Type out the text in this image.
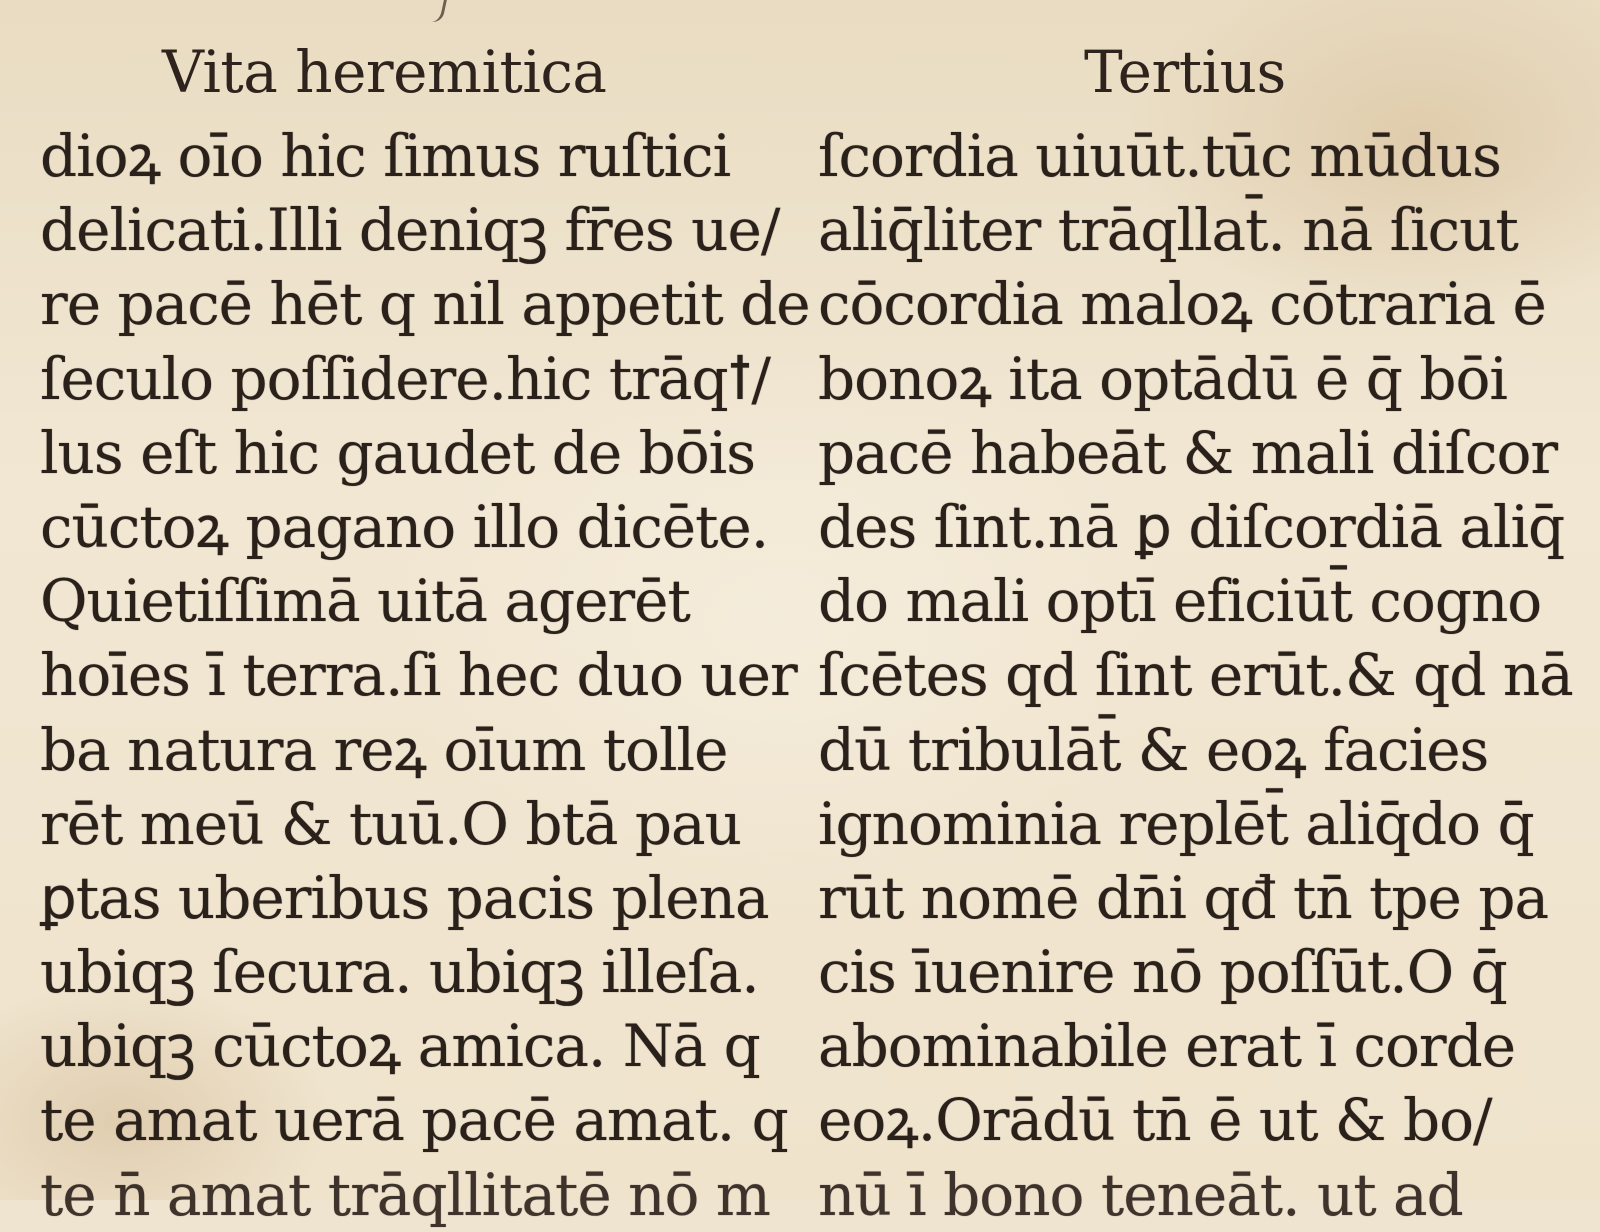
Vita heremitica
dioꝝ oīo hic ſimus ruſtici
delicati.Illi deniqꝫ fr̄es ue/
re pacē hēt q nil appetit de
ſeculo poſſidere.hic trāqꝉ/
lus eſt hic gaudet de bōis
cūctoꝝ pagano illo dicēte.
Quietiſſimā uitā agerēt
hoīes ī terra.ſi hec duo uer
ba natura reꝝ oīum tolle
rēt meū & tuū.O btā pau
ꝑtas uberibus pacis plena
ubiqꝫ ſecura. ubiqꝫ illeſa.
ubiqꝫ cūctoꝝ amica. Nā q
te amat uerā pacē amat. q
te n̄ amat trāqllitatē nō m
Tertius
ſcordia uiuūt.tūc mūdus
aliq̄liter trāqllat̄. nā ſicut
cōcordia maloꝝ cōtraria ē
bonoꝝ ita optādū ē q̄ bōi
pacē habeāt & mali diſcor
des ſint.nā ꝑ diſcordiā aliq̄
do mali optī eficiūt̄ cogno
ſcētes qd ſint erūt.& qd nā
dū tribulāt̄ & eoꝝ facies
ignominia replēt̄ aliq̄do q̄
rūt nomē dn̄i qđ tn̄ tpe pa
cis īuenire nō poſſūt.O q̄
abominabile erat ī corde
eoꝝ.Orādū tn̄ ē ut & bo/
nū ī bono teneāt. ut ad
